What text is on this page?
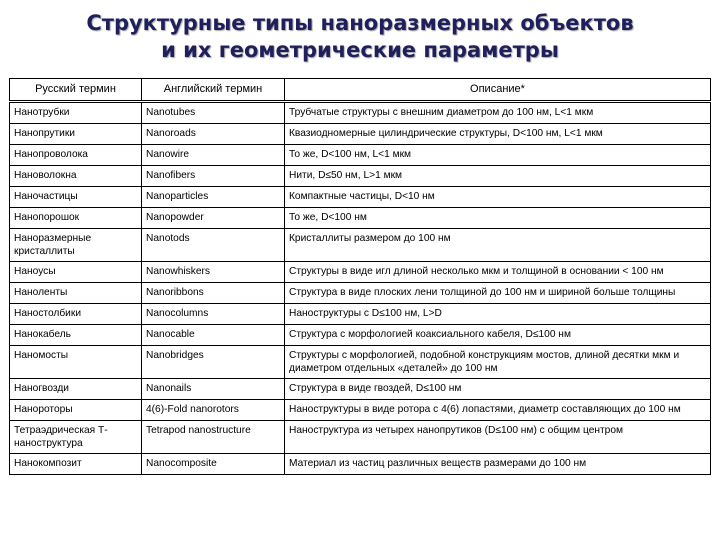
Структурные типы наноразмерных объектов
и их геометрические параметры
Русский термин	Английский термин	Описание*
Нанотрубки	Nanotubes	Трубчатые структуры с внешним диаметром до 100 нм, L<1 мкм
Нанопрутики	Nanoroads	Квазиодномерные цилиндрические структуры, D<100 нм, L<1 мкм
Нанопроволока	Nanowire	То же, D<100 нм, L<1 мкм
Нановолокна	Nanofibers	Нити, D≤50 нм, L>1 мкм
Наночастицы	Nanoparticles	Компактные частицы, D<10 нм
Нанопорошок	Nanopowder	То же, D<100 нм
Наноразмерные кристаллиты	Nanotods	Кристаллиты размером до 100 нм
Наноусы	Nanowhiskers	Структуры в виде игл длиной несколько мкм и толщиной в основании < 100 нм
Наноленты	Nanoribbons	Структура в виде плоских лени толщиной до 100 нм и шириной больше толщины
Наностолбики	Nanocolumns	Наноструктуры с D≤100 нм, L>D
Нанокабель	Nanocable	Структура с морфологией коаксиального кабеля, D≤100 нм
Наномосты	Nanobridges	Структуры с морфологией, подобной конструкциям мостов, длиной десятки мкм и диаметром отдельных «деталей» до 100 нм
Наногвозди	Nanonails	Структура в виде гвоздей, D≤100 нм
Нанороторы	4(6)-Fold nanorotors	Наноструктуры в виде ротора с 4(6) лопастями, диаметр составляющих до 100 нм
Тетраэдрическая Т-наноструктура	Tetrapod nanostructure	Наноструктура из четырех нанопрутиков (D≤100 нм) с общим центром
Нанокомпозит	Nanocomposite	Материал из частиц различных веществ размерами до 100 нм
